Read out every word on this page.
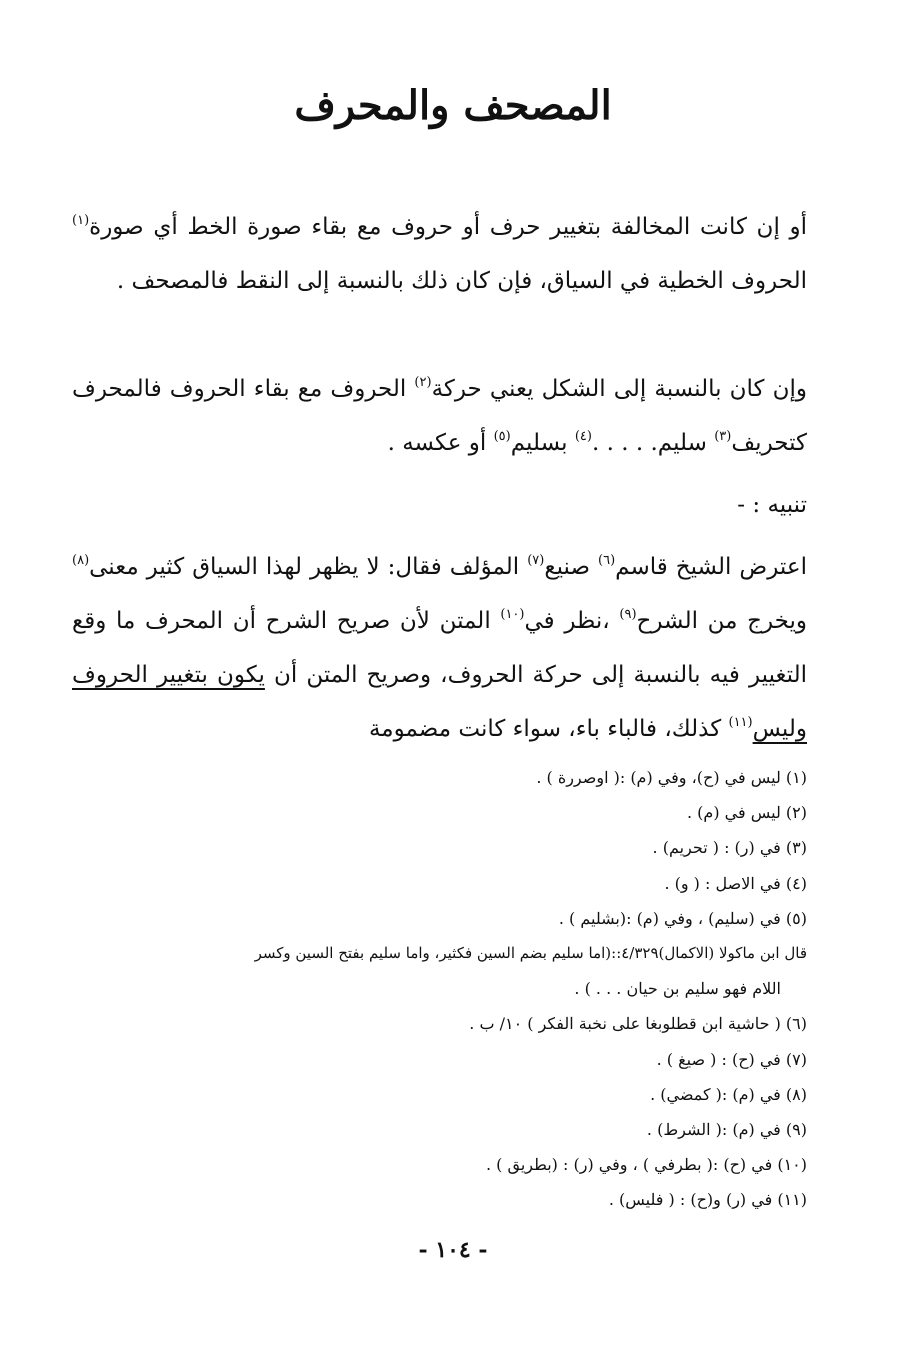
المصحف والمحرف

أو إن كانت المخالفة بتغيير حرف أو حروف مع بقاء صورة الخط أي صورة$^{(١)}$ الحروف الخطية في السياق، فإن كان ذلك بالنسبة إلى النقط فالمصحف .

وإن كان بالنسبة إلى الشكل يعني حركة$^{(٢)}$ الحروف مع بقاء الحروف فالمحرف كتحريف$^{(٣)}$ سليم. . . . .$^{(٤)}$ بسليم$^{(٥)}$ أو عكسه .

تنبيه : -

اعترض الشيخ قاسم$^{(٦)}$ صنيع$^{(٧)}$ المؤلف فقال: لا يظهر لهذا السياق كثير معنى$^{(٨)}$ ويخرج من الشرح$^{(٩)}$ ،نظر في$^{(١٠)}$ المتن لأن صريح الشرح أن المحرف ما وقع التغيير فيه بالنسبة إلى حركة الحروف، وصريح المتن أن يكون بتغيير الحروف وليس$^{(١١)}$ كذلك، فالباء باء، سواء كانت مضمومة

(١) ليس في (ح)، وفي (م) :( اوصررة ) .
(٢) ليس في (م) .
(٣) في (ر) : ( تحريم) .
(٤) في الاصل : ( و) .
(٥) في (سليم) ، وفي (م) :(بشليم ) .
قال ابن ماكولا (الاكمال)٤/٣٢٩::(اما سليم بضم السين فكثير، واما سليم بفتح السين وكسر
اللام فهو سليم بن حيان . . . ) .
(٦) ( حاشية ابن قطلوبغا على نخبة الفكر ) ١٠/ ب .
(٧) في (ح) : ( صيغ ) .
(٨) في (م) :( كمضي) .
(٩) في (م) :( الشرط) .
(١٠) في (ح) :( بطرفي ) ، وفي (ر) : (بطريق ) .
(١١) في (ر) و(ح) : ( فليس) .
- ١٠٤ -
